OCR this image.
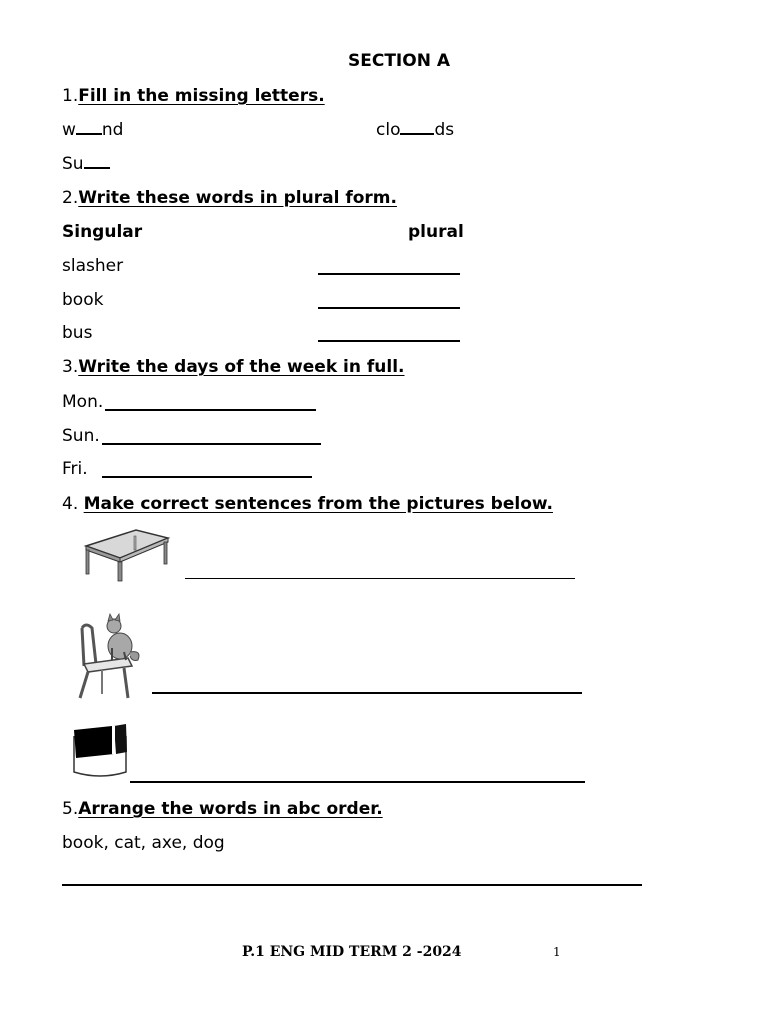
SECTION A
1.Fill in the missing letters.
w nd	clo ds
Su
2.Write these words in plural form.
Singular	plural
slasher
book
bus
3.Write the days of the week in full.
Mon.
Sun.
Fri.
4. Make correct sentences from the pictures below.
5.Arrange the words in abc order.
book, cat, axe, dog
P.1 ENG MID TERM 2 -2024	1
